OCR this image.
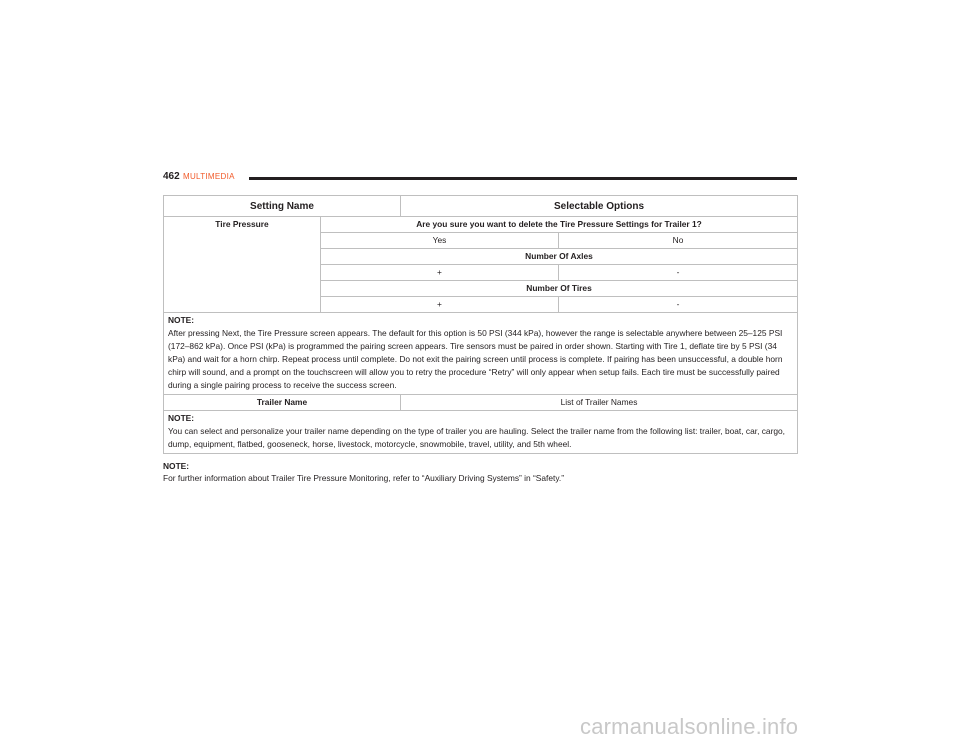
462 MULTIMEDIA
Setting Name		Selectable Options	
Tire Pressure	Are you sure you want to delete the Tire Pressure Settings for Trailer 1?		
	Yes		No
	Number Of Axles		
	+		-
	Number Of Tires		
	+		-

NOTE:
After pressing Next, the Tire Pressure screen appears. The default for this option is 50 PSI (344 kPa), however the range is selectable anywhere between 25–125 PSI (172–862 kPa). Once PSI (kPa) is programmed the pairing screen appears. Tire sensors must be paired in order shown. Starting with Tire 1, deflate tire by 5 PSI (34 kPa) and wait for a horn chirp. Repeat process until complete. Do not exit the pairing screen until process is complete. If pairing has been unsuccessful, a double horn chirp will sound, and a prompt on the touchscreen will allow you to retry the procedure “Retry” will only appear when setup fails. Each tire must be successfully paired during a single pairing process to receive the success screen.			
Trailer Name		List of Trailer Names	

NOTE:
You can select and personalize your trailer name depending on the type of trailer you are hauling. Select the trailer name from the following list: trailer, boat, car, cargo, dump, equipment, flatbed, gooseneck, horse, livestock, motorcycle, snowmobile, travel, utility, and 5th wheel.			
NOTE:
For further information about Trailer Tire Pressure Monitoring, refer to “Auxiliary Driving Systems” in “Safety.”
carmanualsonline.info
